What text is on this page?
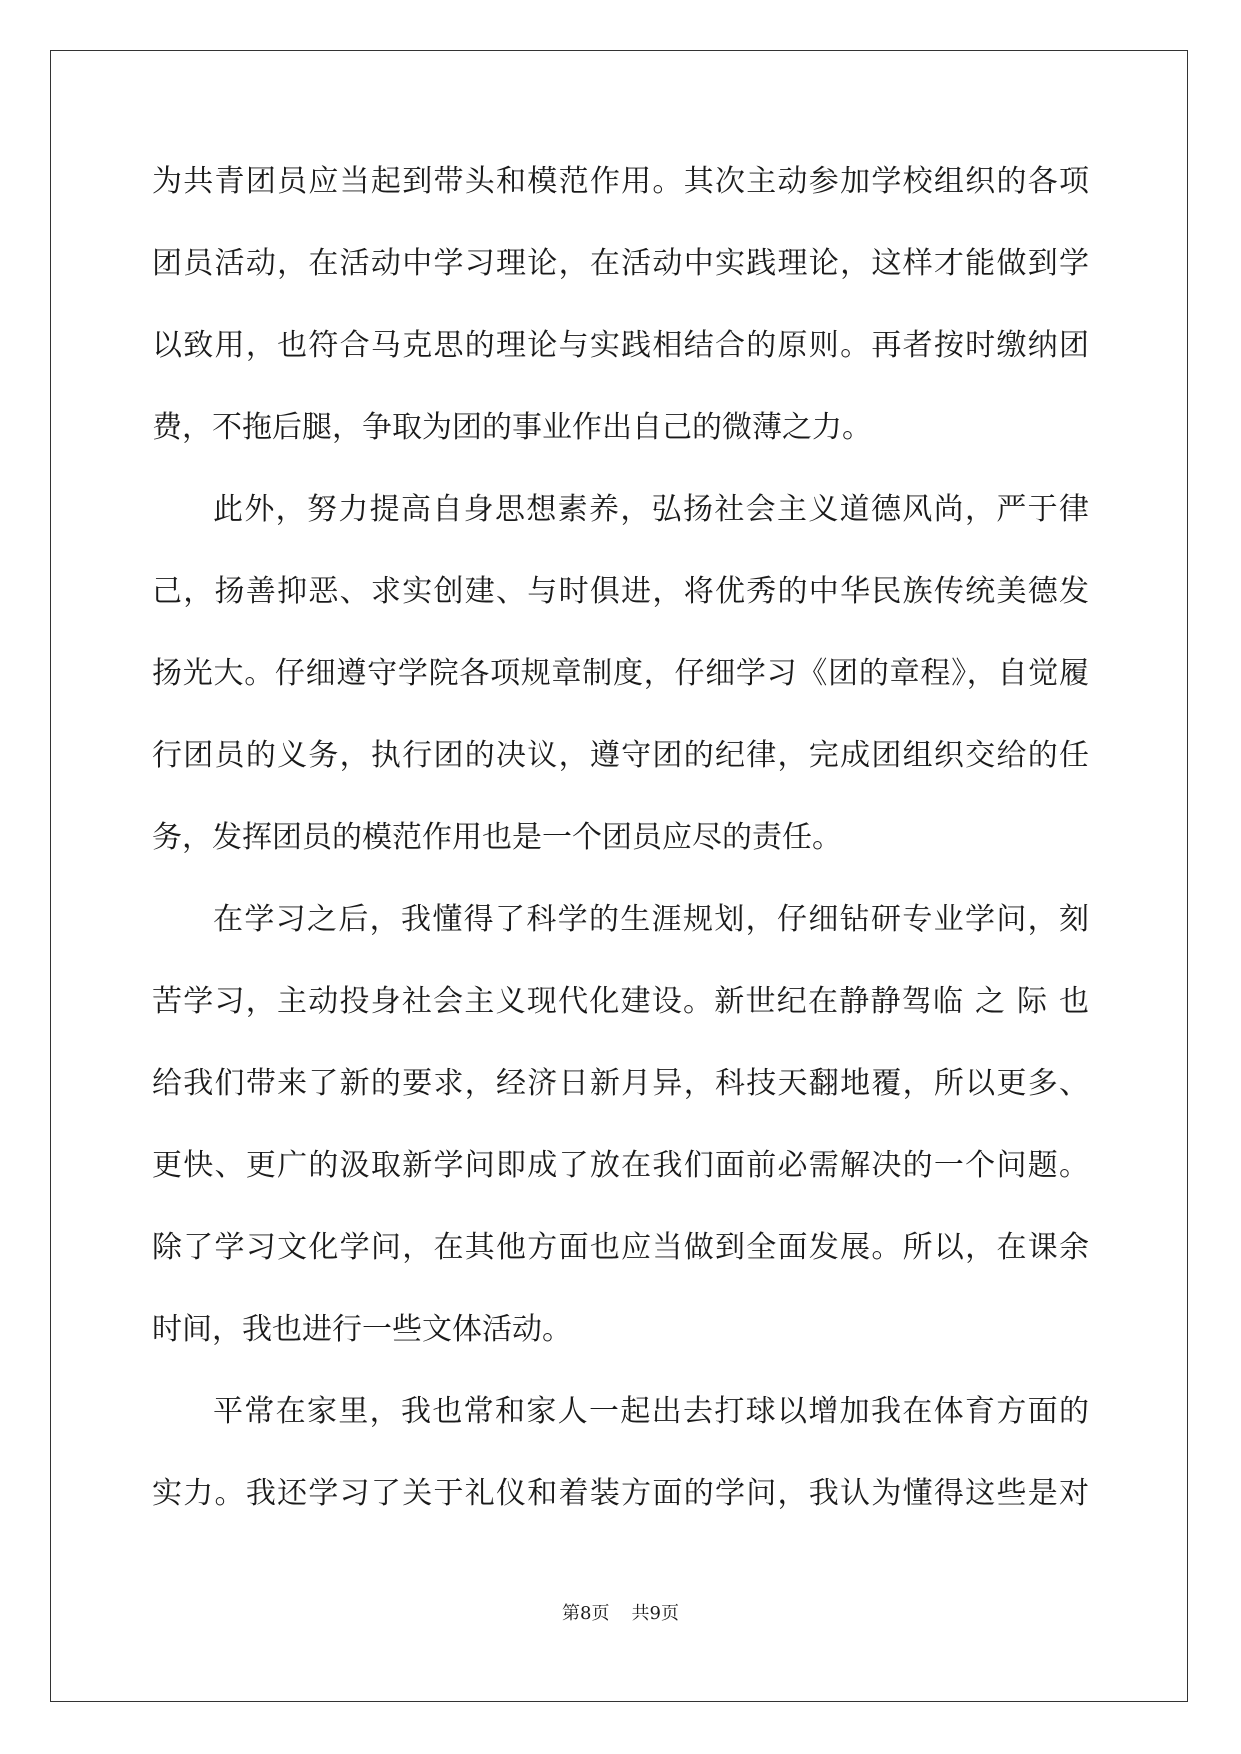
为共青团员应当起到带头和模范作用。其次主动参加学校组织的各项
团员活动，在活动中学习理论，在活动中实践理论，这样才能做到学
以致用，也符合马克思的理论与实践相结合的原则。再者按时缴纳团
费，不拖后腿，争取为团的事业作出自己的微薄之力。
此外，努力提高自身思想素养，弘扬社会主义道德风尚，严于律
己，扬善抑恶、求实创建、与时俱进，将优秀的中华民族传统美德发
扬光大。仔细遵守学院各项规章制度，仔细学习《团的章程》，自觉履
行团员的义务，执行团的决议，遵守团的纪律，完成团组织交给的任
务，发挥团员的模范作用也是一个团员应尽的责任。
在学习之后，我懂得了科学的生涯规划，仔细钻研专业学问，刻
苦学习，主动投身社会主义现代化建设。新世纪在静静驾临 之 际 也
给我们带来了新的要求，经济日新月异，科技天翻地覆，所以更多、
更快、更广的汲取新学问即成了放在我们面前必需解决的一个问题。
除了学习文化学问，在其他方面也应当做到全面发展。所以，在课余
时间，我也进行一些文体活动。
平常在家里，我也常和家人一起出去打球以增加我在体育方面的
实力。我还学习了关于礼仪和着装方面的学问，我认为懂得这些是对
第8页 共9页
